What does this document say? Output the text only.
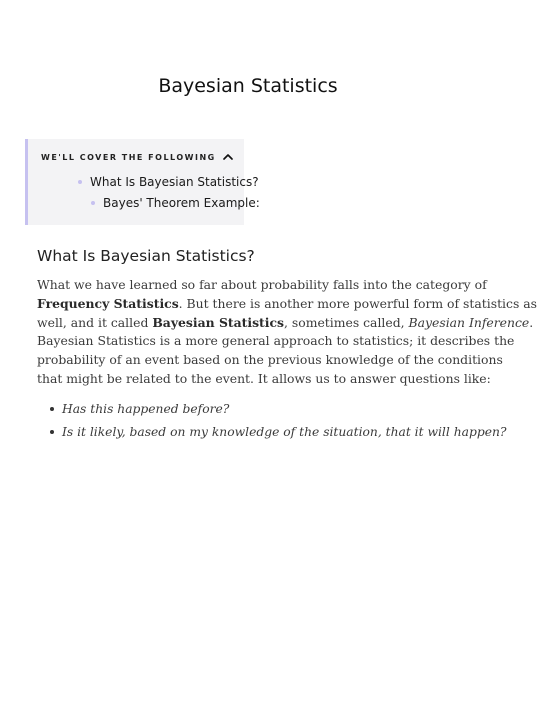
Bayesian Statistics
WE'LL COVER THE FOLLOWING
What Is Bayesian Statistics?
Bayes' Theorem Example:
What Is Bayesian Statistics?
What we have learned so far about probability falls into the category of
Frequency Statistics. But there is another more powerful form of statistics as
well, and it called Bayesian Statistics, sometimes called, Bayesian Inference.
Bayesian Statistics is a more general approach to statistics; it describes the
probability of an event based on the previous knowledge of the conditions
that might be related to the event. It allows us to answer questions like:
Has this happened before?
Is it likely, based on my knowledge of the situation, that it will happen?
